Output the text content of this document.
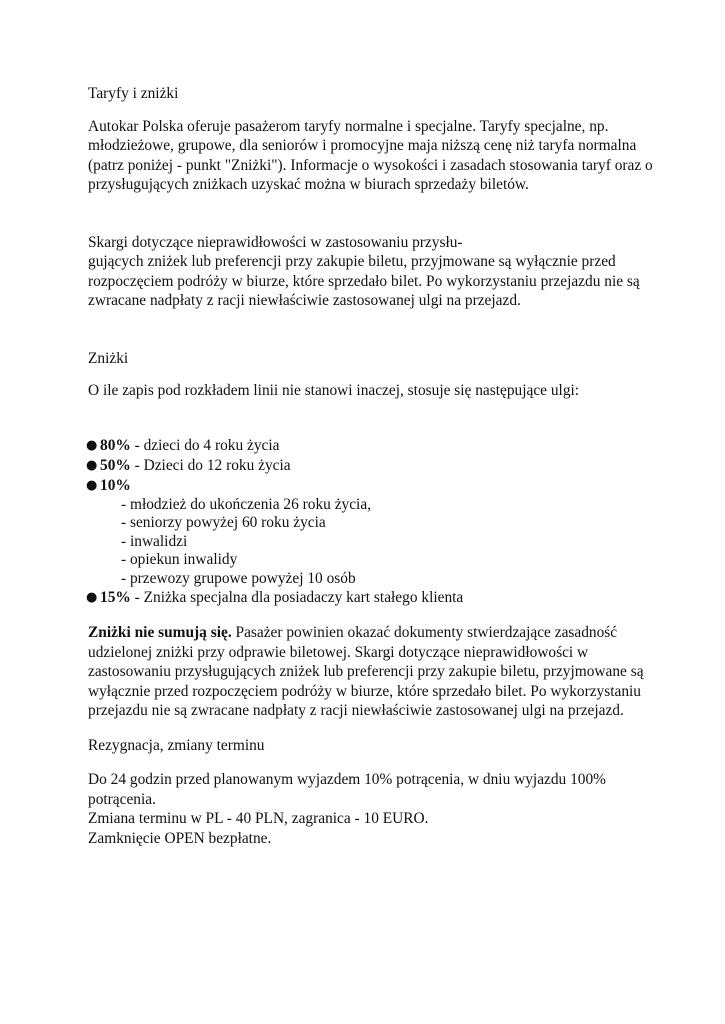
Taryfy i zniżki

Autokar Polska oferuje pasażerom taryfy normalne i specjalne. Taryfy specjalne, np.
młodzieżowe, grupowe, dla seniorów i promocyjne maja niższą cenę niż taryfa normalna
(patrz poniżej - punkt "Zniżki"). Informacje o wysokości i zasadach stosowania taryf oraz o
przysługujących zniżkach uzyskać można w biurach sprzedaży biletów.
Skargi dotyczące nieprawidłowości w zastosowaniu przysłu-
gujących zniżek lub preferencji przy zakupie biletu, przyjmowane są wyłącznie przed
rozpoczęciem podróży w biurze, które sprzedało bilet. Po wykorzystaniu przejazdu nie są
zwracane nadpłaty z racji niewłaściwie zastosowanej ulgi na przejazd.

Zniżki

O ile zapis pod rozkładem linii nie stanowi inaczej, stosuje się następujące ulgi:

● 80% - dzieci do 4 roku życia
● 50% - Dzieci do 12 roku życia
● 10%
- młodzież do ukończenia 26 roku życia,
- seniorzy powyżej 60 roku życia
- inwalidzi
- opiekun inwalidy
- przewozy grupowe powyżej 10 osób
● 15% - Zniżka specjalna dla posiadaczy kart stałego klienta
Zniżki nie sumują się. Pasażer powinien okazać dokumenty stwierdzające zasadność
udzielonej zniżki przy odprawie biletowej. Skargi dotyczące nieprawidłowości w
zastosowaniu przysługujących zniżek lub preferencji przy zakupie biletu, przyjmowane są
wyłącznie przed rozpoczęciem podróży w biurze, które sprzedało bilet. Po wykorzystaniu
przejazdu nie są zwracane nadpłaty z racji niewłaściwie zastosowanej ulgi na przejazd.

Rezygnacja, zmiany terminu

Do 24 godzin przed planowanym wyjazdem 10% potrącenia, w dniu wyjazdu 100%
potrącenia.
Zmiana terminu w PL - 40 PLN, zagranica - 10 EURO.
Zamknięcie OPEN bezpłatne.
